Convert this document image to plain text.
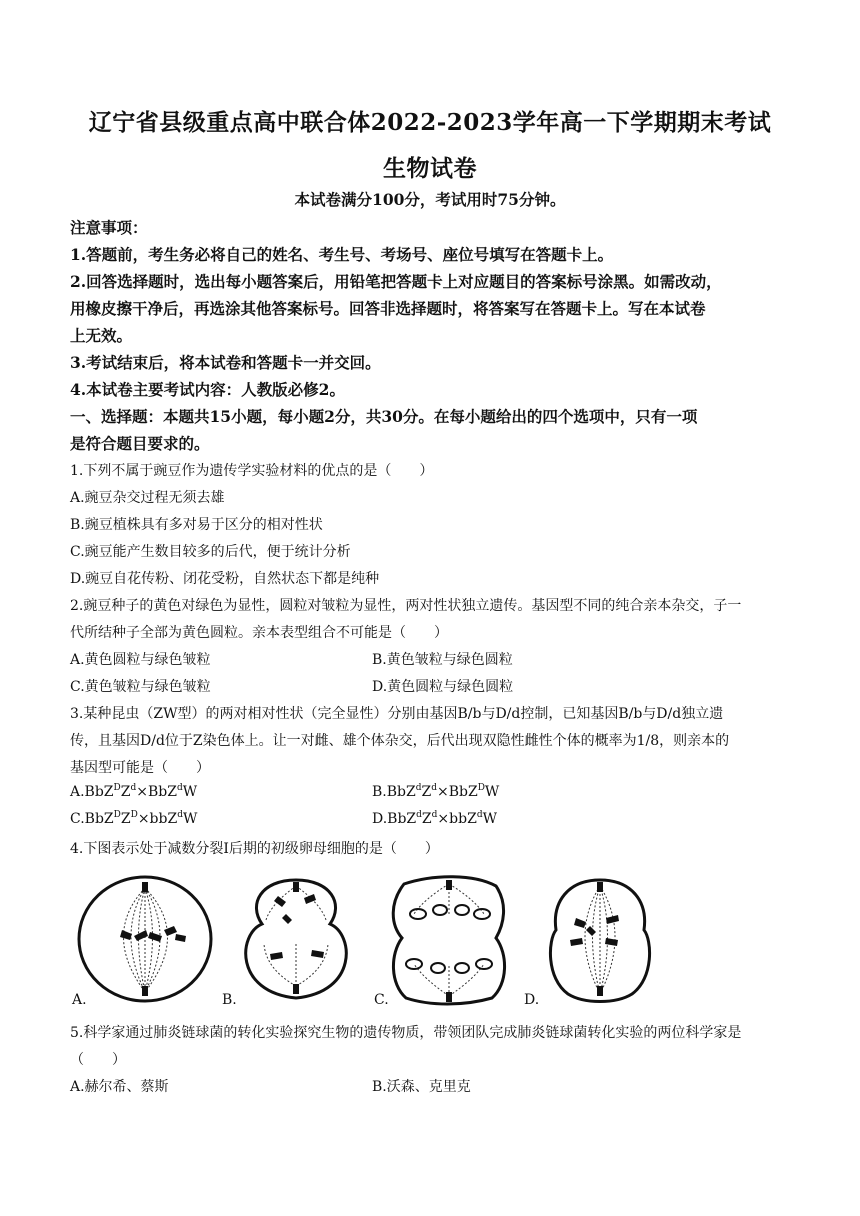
辽宁省县级重点高中联合体2022-2023学年高一下学期期末考试
生物试卷
本试卷满分100分，考试用时75分钟。
注意事项：
1.答题前，考生务必将自己的姓名、考生号、考场号、座位号填写在答题卡上。
2.回答选择题时，选出每小题答案后，用铅笔把答题卡上对应题目的答案标号涂黑。如需改动，
用橡皮擦干净后，再选涂其他答案标号。回答非选择题时，将答案写在答题卡上。写在本试卷
上无效。
3.考试结束后，将本试卷和答题卡一并交回。
4.本试卷主要考试内容：人教版必修2。
一、选择题：本题共15小题，每小题2分，共30分。在每小题给出的四个选项中，只有一项
是符合题目要求的。
1.下列不属于豌豆作为遗传学实验材料的优点的是（　　）
A.豌豆杂交过程无须去雄
B.豌豆植株具有多对易于区分的相对性状
C.豌豆能产生数目较多的后代，便于统计分析
D.豌豆自花传粉、闭花受粉，自然状态下都是纯种
2.豌豆种子的黄色对绿色为显性，圆粒对皱粒为显性，两对性状独立遗传。基因型不同的纯合亲本杂交，子一
代所结种子全部为黄色圆粒。亲本表型组合不可能是（　　）
A.黄色圆粒与绿色皱粒	B.黄色皱粒与绿色圆粒
C.黄色皱粒与绿色皱粒	D.黄色圆粒与绿色圆粒
3.某种昆虫（ZW型）的两对相对性状（完全显性）分别由基因B/b与D/d控制，已知基因B/b与D/d独立遗
传，且基因D/d位于Z染色体上。让一对雌、雄个体杂交，后代出现双隐性雌性个体的概率为1/8，则亲本的
基因型可能是（　　）
$A.BbZ^DZ^d\times BbZ^dW$	$B.BbZ^dZ^d\times BbZ^DW$
$C.BbZ^DZ^D\times bbZ^dW$	$D.BbZ^dZ^d\times bbZ^dW$
4.下图表示处于减数分裂Ⅰ后期的初级卵母细胞的是（　　）
A.	B.	C.	D.
5.科学家通过肺炎链球菌的转化实验探究生物的遗传物质，带领团队完成肺炎链球菌转化实验的两位科学家是
（　　）
A.赫尔希、蔡斯	B.沃森、克里克
